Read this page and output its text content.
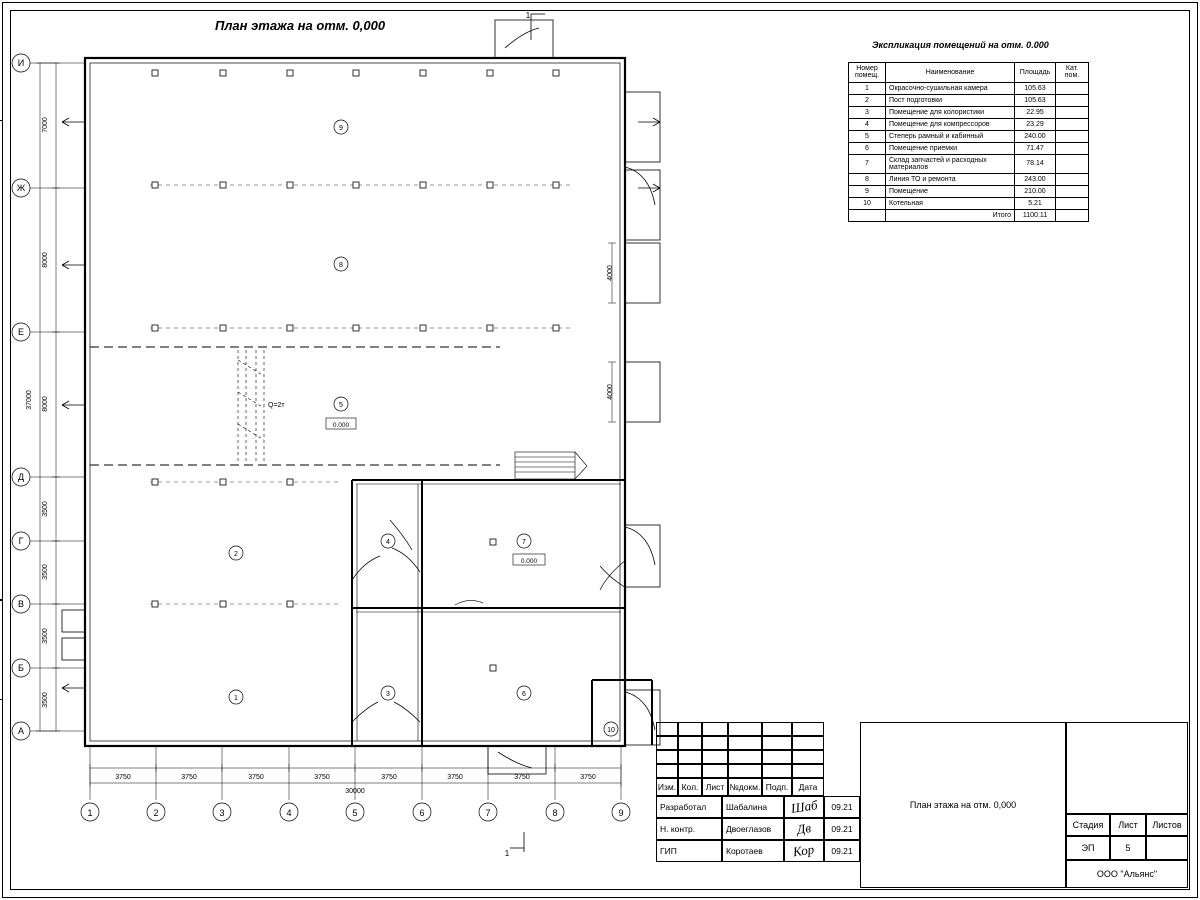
План этажа на отм. 0,000
Экспликация помещений на отм. 0.000
Номер помещ.	Наименование	Площадь	Кат. пом.
1	Окрасочно-сушильная камера	105.63	
2	Пост подготовки	105.63	
3	Помещение для колористики	22.95	
4	Помещение для компрессоров	23.29	
5	Степерь рамный и кабинный	240.00	
6	Помещение приемки	71.47	
7	Склад запчастей и расходных материалов	78.14	
8	Линия ТО и ремонта	243.00	
9	Помещение	210.00	
10	Котельная	5.21	
	Итого	1100.11	
И
Ж
Е
Д
Г
В
Б
А
1	2	3	4	5	6	7	8	9
7000
8000
8000
3500
3500
3500
3500
37000
3750	3750	3750	3750	3750	3750	3750	3750
30000
4000
4000
9
8
5
2
4	7
1
3	6
10
Q=2т
0.000
0.000
1
1
Изм. Кол. Лист №докм. Подп.	Дата
Разработал	Шабалина	Шаб	09.21
Н. контр.	Двоеглазов	Дв	09.21
ГИП	Коротаев	Кор	09.21
План этажа на отм. 0,000
Стадия	Лист	Листов
ЭП	5
ООО "Альянс"
